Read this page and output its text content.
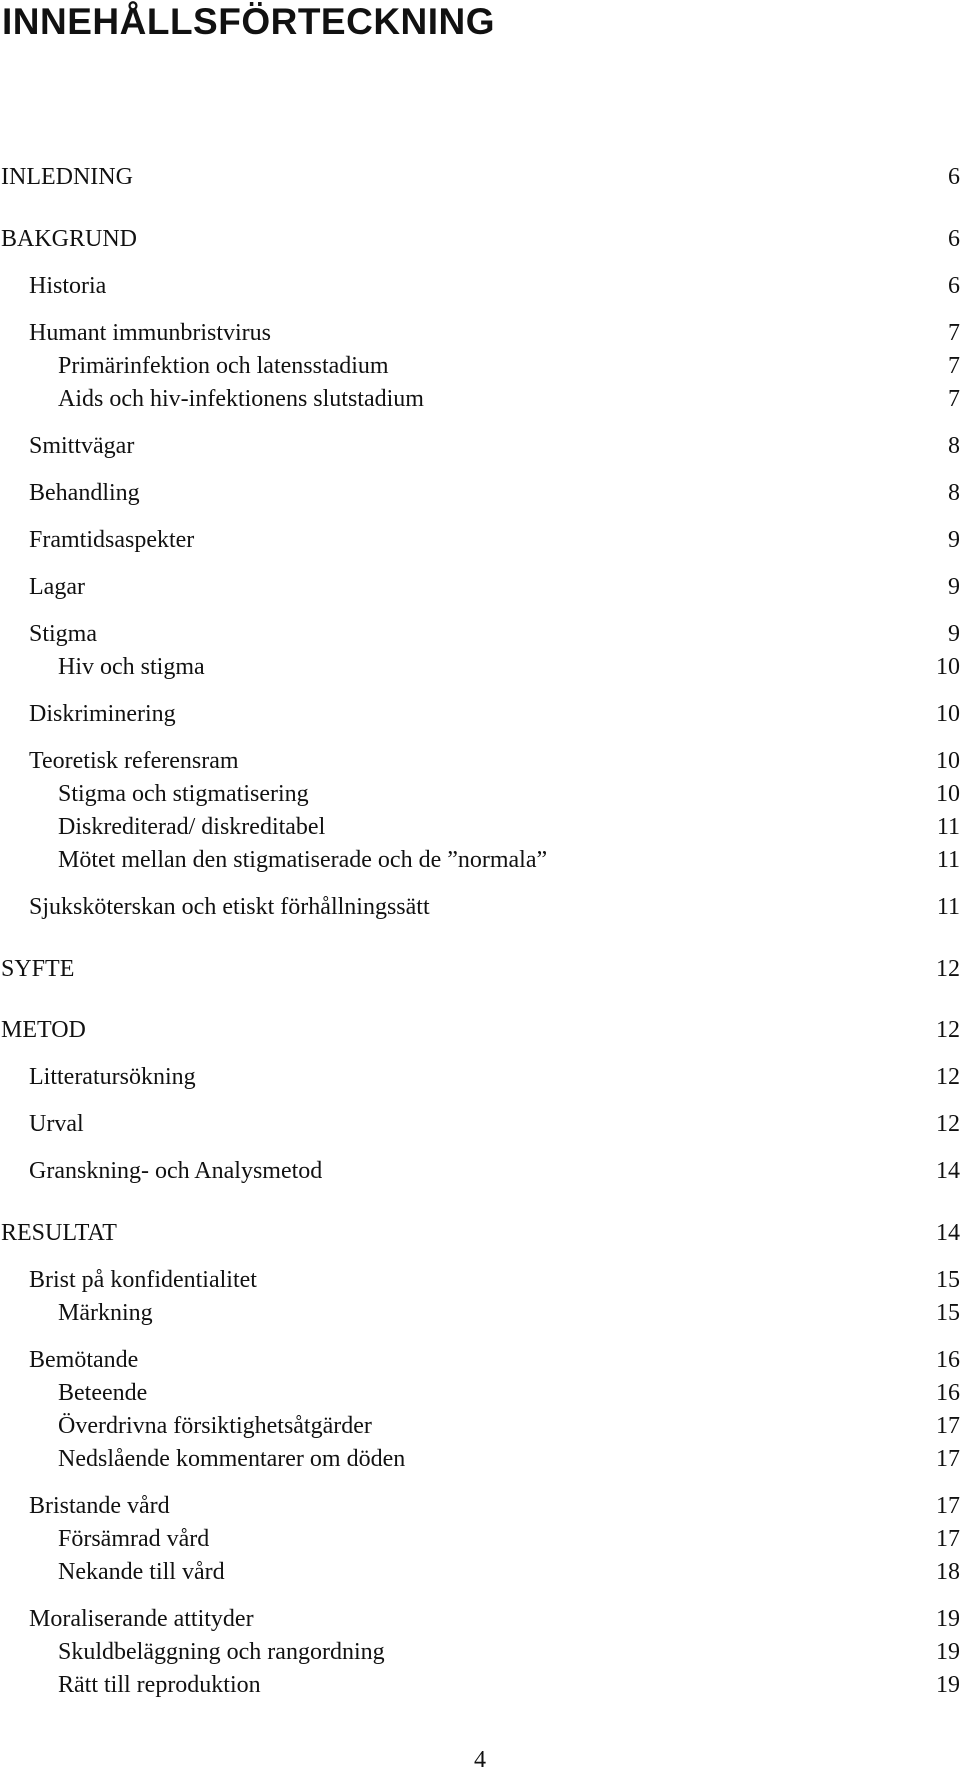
INNEHÅLLSFÖRTECKNING
INLEDNING	6
BAKGRUND	6
Historia	6
Humant immunbristvirus	7
Primärinfektion och latensstadium	7
Aids och hiv-infektionens slutstadium	7
Smittvägar	8
Behandling	8
Framtidsaspekter	9
Lagar	9
Stigma	9
Hiv och stigma	10
Diskriminering	10
Teoretisk referensram	10
Stigma och stigmatisering	10
Diskrediterad/ diskreditabel	11
Mötet mellan den stigmatiserade och de ”normala”	11
Sjuksköterskan och etiskt förhållningssätt	11
SYFTE	12
METOD	12
Litteratursökning	12
Urval	12
Granskning- och Analysmetod	14
RESULTAT	14
Brist på konfidentialitet	15
Märkning	15
Bemötande	16
Beteende	16
Överdrivna försiktighetsåtgärder	17
Nedslående kommentarer om döden	17
Bristande vård	17
Försämrad vård	17
Nekande till vård	18
Moraliserande attityder	19
Skuldbeläggning och rangordning	19
Rätt till reproduktion	19
4
